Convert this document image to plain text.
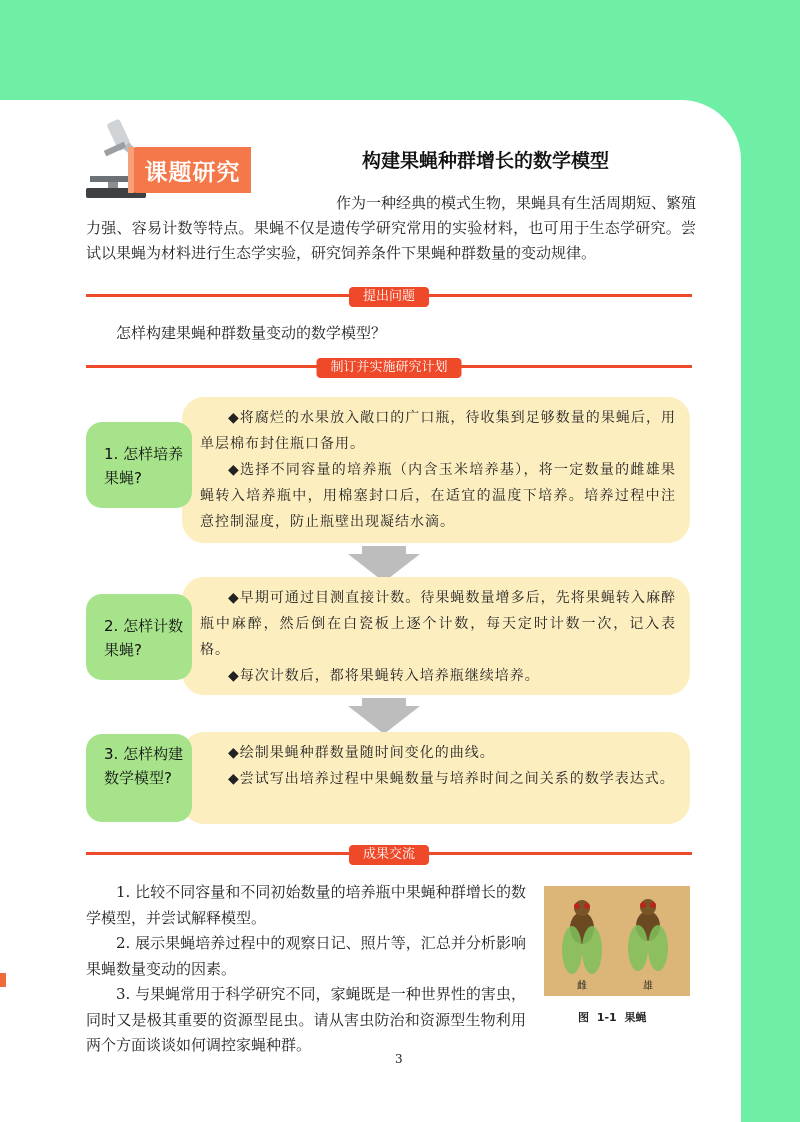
课题研究	构建果蝇种群增长的数学模型

作为一种经典的模式生物，果蝇具有生活周期短、繁殖力强、容易计数等特点。果蝇不仅是遗传学研究常用的实验材料，也可用于生态学研究。尝试以果蝇为材料进行生态学实验，研究饲养条件下果蝇种群数量的变动规律。

提出问题
怎样构建果蝇种群数量变动的数学模型？
制订并实施研究计划

◆将腐烂的水果放入敞口的广口瓶，待收集到足够数量的果蝇后，用单层棉布封住瓶口备用。

◆选择不同容量的培养瓶（内含玉米培养基），将一定数量的雌雄果蝇转入培养瓶中，用棉塞封口后，在适宜的温度下培养。培养过程中注意控制湿度，防止瓶壁出现凝结水滴。

1. 怎样培养果蝇?

◆早期可通过目测直接计数。待果蝇数量增多后，先将果蝇转入麻醉瓶中麻醉，然后倒在白瓷板上逐个计数，每天定时计数一次，记入表格。

◆每次计数后，都将果蝇转入培养瓶继续培养。

2. 怎样计数果蝇?

◆绘制果蝇种群数量随时间变化的曲线。

◆尝试写出培养过程中果蝇数量与培养时间之间关系的数学表达式。

3. 怎样构建数学模型?
成果交流

1. 比较不同容量和不同初始数量的培养瓶中果蝇种群增长的数学模型，并尝试解释模型。

2. 展示果蝇培养过程中的观察日记、照片等，汇总并分析影响果蝇数量变动的因素。

3. 与果蝇常用于科学研究不同，家蝇既是一种世界性的害虫，同时又是极其重要的资源型昆虫。请从害虫防治和资源型生物利用两个方面谈谈如何调控家蝇种群。

雌	雄
图 1-1 果蝇
3
